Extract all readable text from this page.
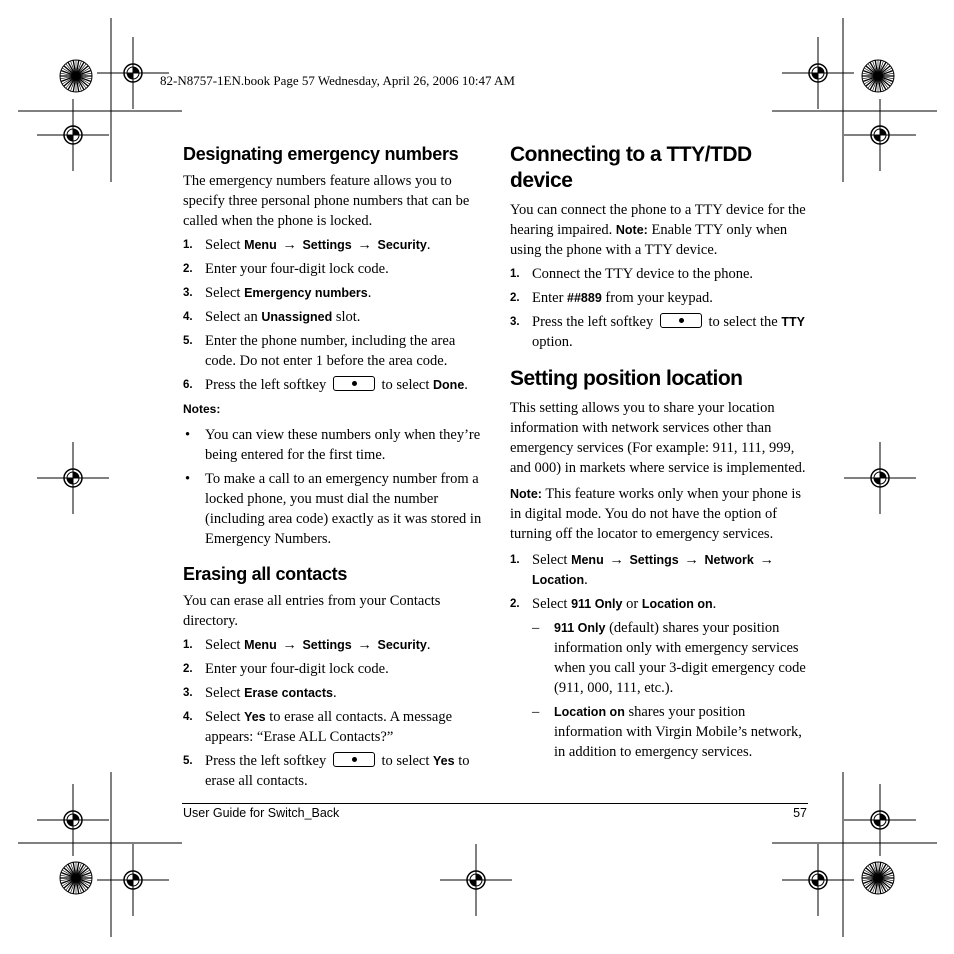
82-N8757-1EN.book Page 57 Wednesday, April 26, 2006 10:47 AM
Designating emergency numbers

The emergency numbers feature allows you to specify three personal phone numbers that can be called when the phone is locked.

1. Select Menu → Settings → Security.
2. Enter your four-digit lock code.
3. Select Emergency numbers.
4. Select an Unassigned slot.
5. Enter the phone number, including the area code. Do not enter 1 before the area code.
6. Press the left softkey	to select Done.
Notes:
• You can view these numbers only when they’re being entered for the first time.
• To make a call to an emergency number from a locked phone, you must dial the number (including area code) exactly as it was stored in Emergency Numbers.
Erasing all contacts

You can erase all entries from your Contacts directory.

1. Select Menu → Settings → Security.
2. Enter your four-digit lock code.
3. Select Erase contacts.
4. Select Yes to erase all contacts. A message appears: “Erase ALL Contacts?”
5. Press the left softkey	to select Yes to erase all contacts.
Connecting to a TTY/TDD device

You can connect the phone to a TTY device for the hearing impaired. Note: Enable TTY only when using the phone with a TTY device.

1. Connect the TTY device to the phone.
2. Enter ##889 from your keypad.
3. Press the left softkey	to select the TTY option.
Setting position location

This setting allows you to share your location information with network services other than emergency services (For example: 911, 111, 999, and 000) in markets where service is implemented.

Note: This feature works only when your phone is in digital mode. You do not have the option of turning off the locator to emergency services.

1. Select Menu → Settings → Network → Location.
2. Select 911 Only or Location on.
– 911 Only (default) shares your position information only with emergency services when you call your 3-digit emergency code (911, 000, 111, etc.).
– Location on shares your position information with Virgin Mobile’s network, in addition to emergency services.
User Guide for Switch_Back	57
